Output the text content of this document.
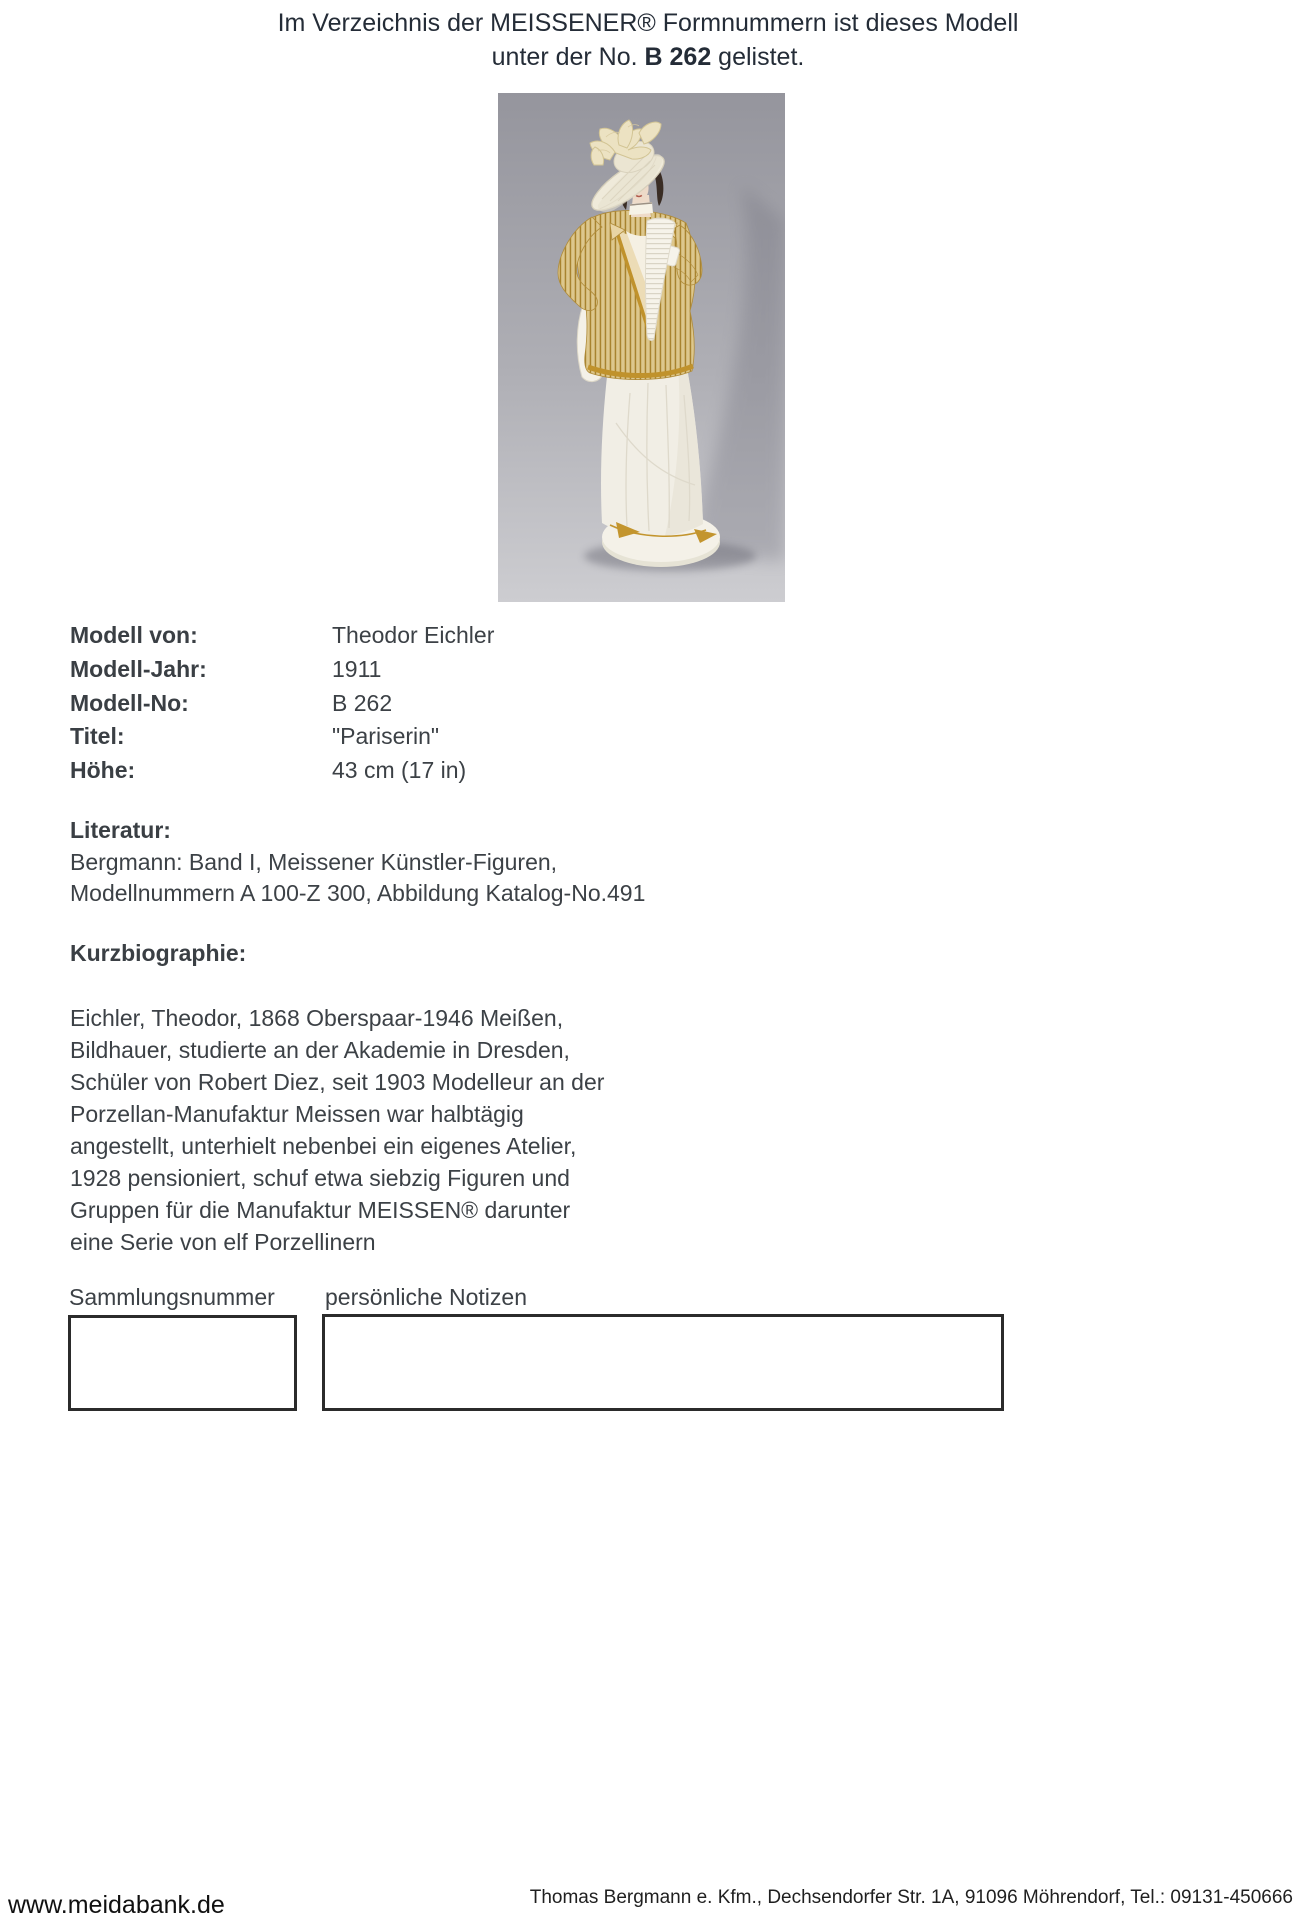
Im Verzeichnis der MEISSENER® Formnummern ist dieses Modell
unter der No. B 262 gelistet.
Modell von:	Theodor Eichler
Modell-Jahr:	1911
Modell-No:	B 262
Titel:	"Pariserin"
Höhe:	43 cm (17 in)
Literatur:
Bergmann: Band I, Meissener Künstler-Figuren,
Modellnummern A 100-Z 300, Abbildung Katalog-No.491
Kurzbiographie:
Eichler, Theodor, 1868 Oberspaar-1946 Meißen,
Bildhauer, studierte an der Akademie in Dresden,
Schüler von Robert Diez, seit 1903 Modelleur an der
Porzellan-Manufaktur Meissen war halbtägig
angestellt, unterhielt nebenbei ein eigenes Atelier,
1928 pensioniert, schuf etwa siebzig Figuren und
Gruppen für die Manufaktur MEISSEN® darunter
eine Serie von elf Porzellinern
Sammlungsnummer persönliche Notizen
www.meidabank.de	Thomas Bergmann e. Kfm., Dechsendorfer Str. 1A, 91096 Möhrendorf, Tel.: 09131-450666
